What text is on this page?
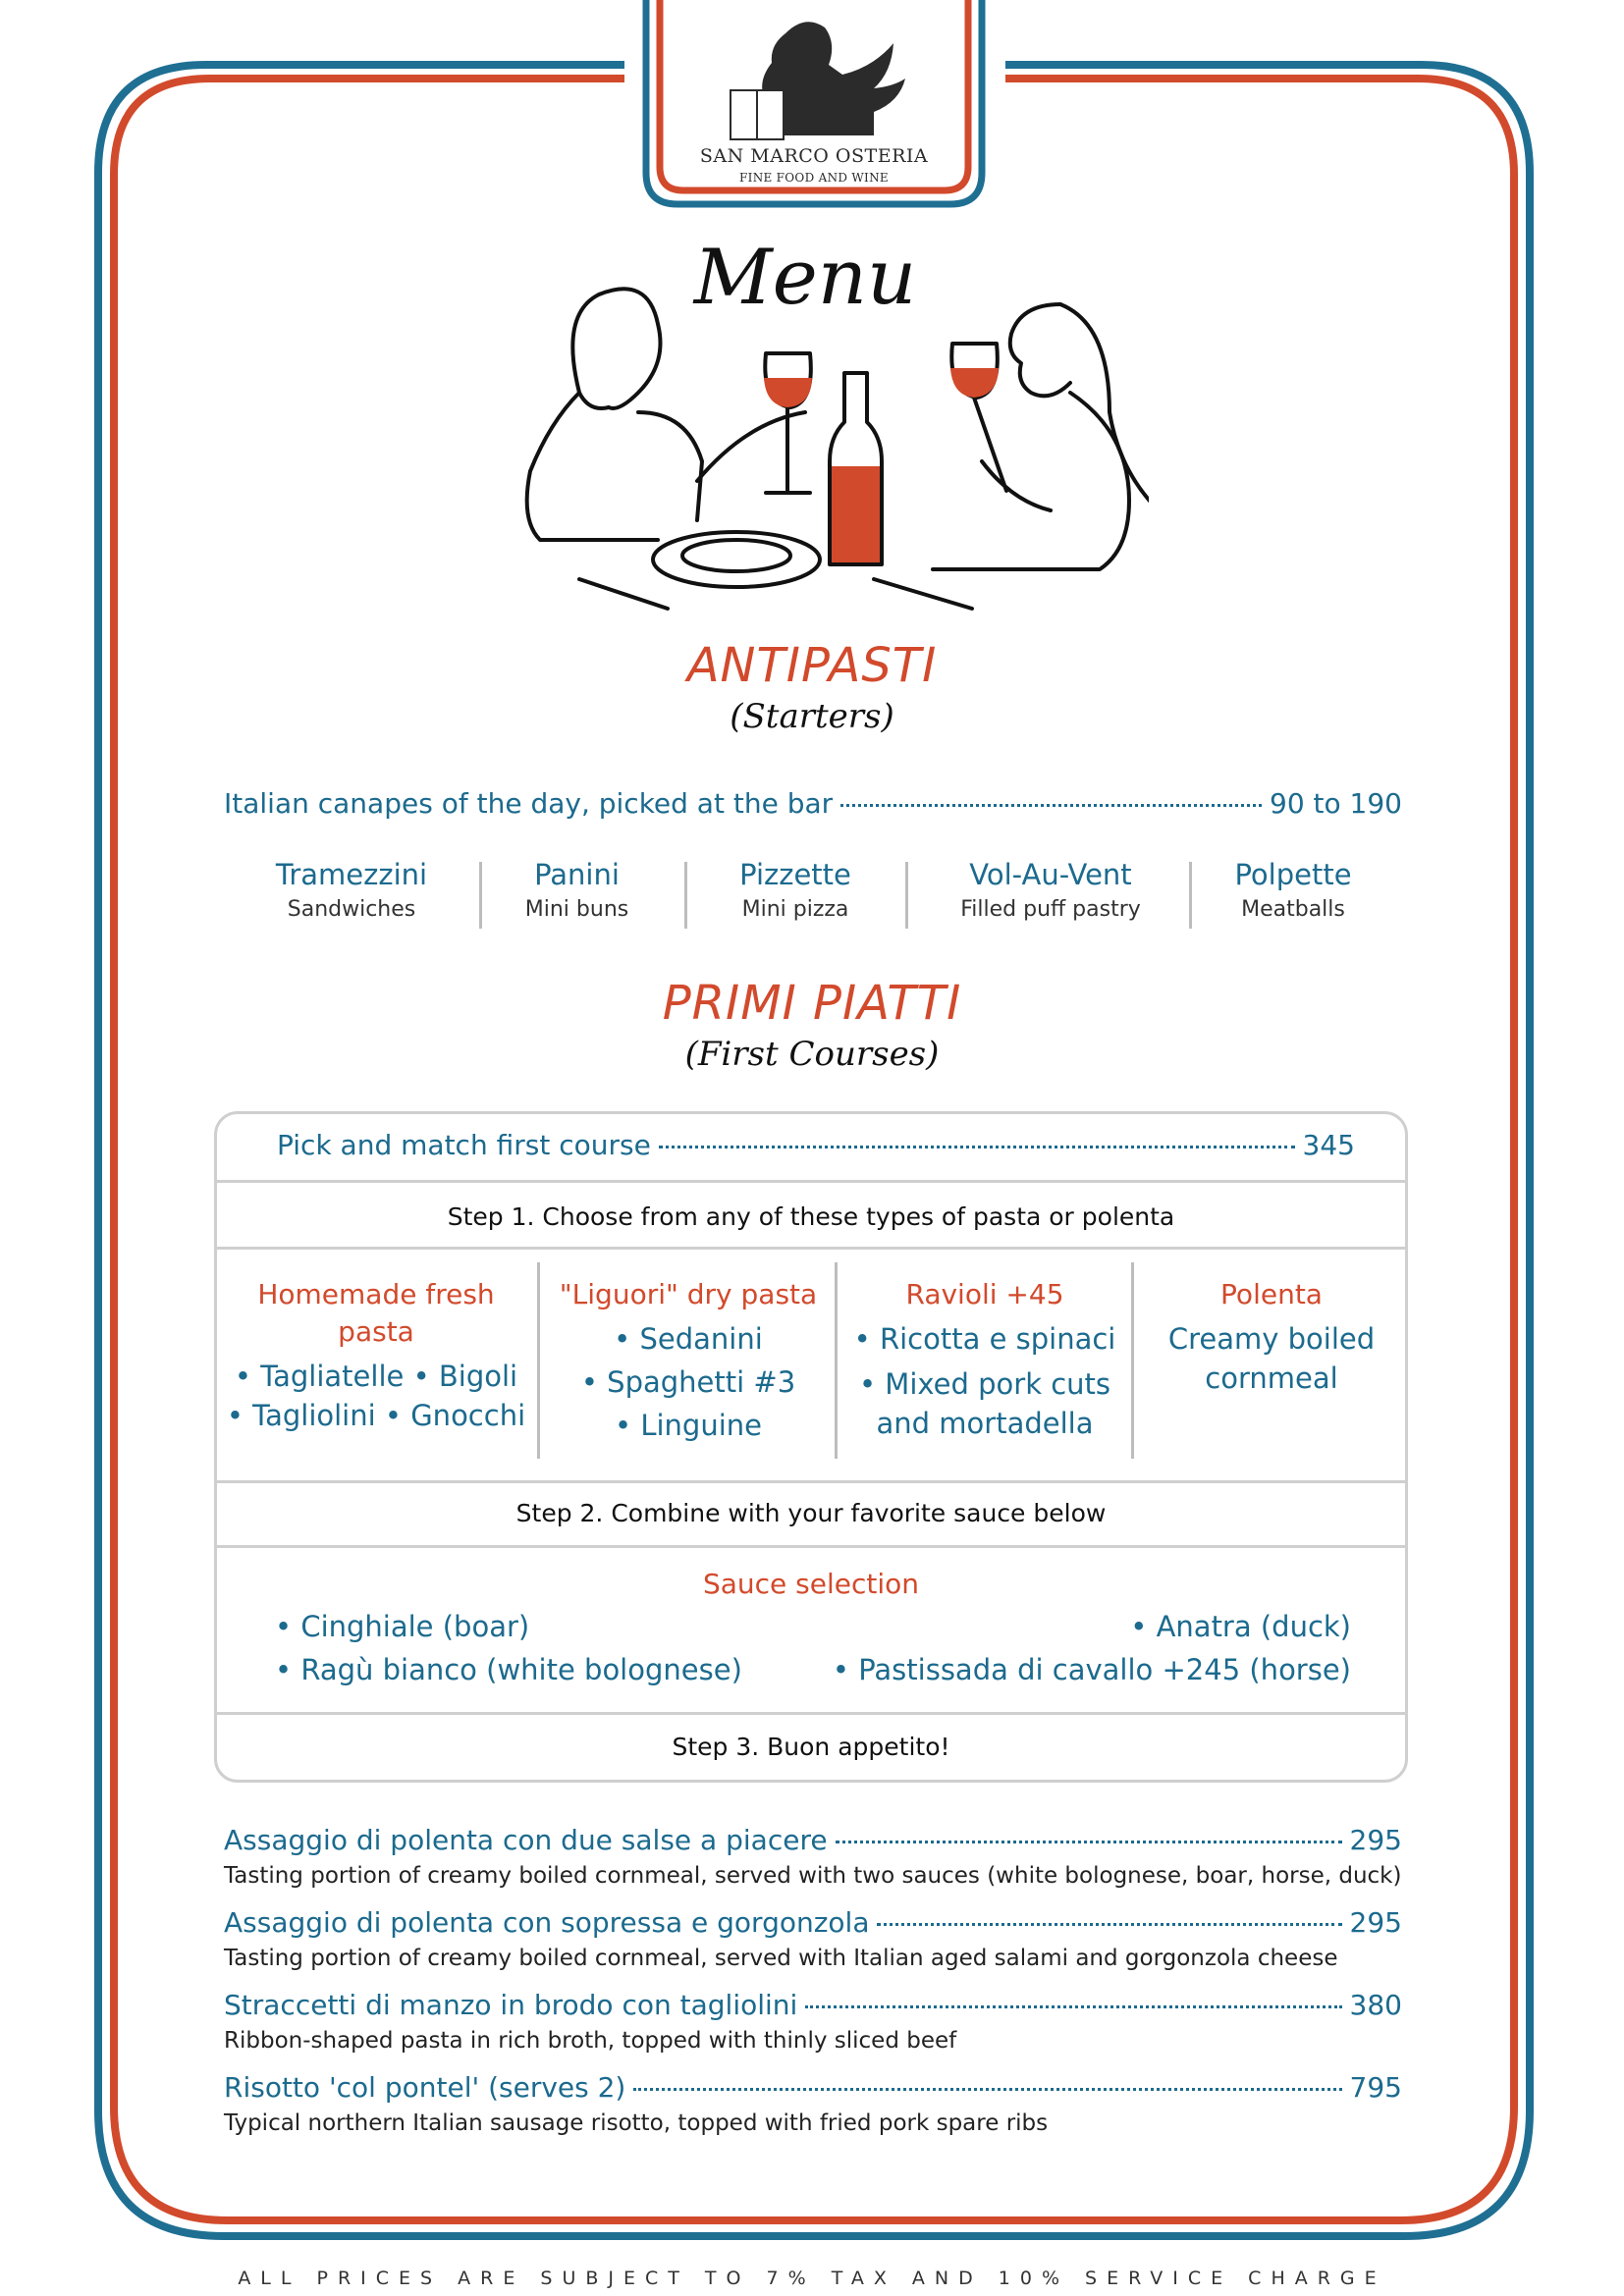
SAN MARCO OSTERIA
FINE FOOD AND WINE
Menu
ANTIPASTI
(Starters)
Italian canapes of the day, picked at the bar	90 to 190
Tramezzini
Sandwiches
Panini
Mini buns
Pizzette
Mini pizza
Vol-Au-Vent
Filled puff pastry
Polpette
Meatballs
PRIMI PIATTI
(First Courses)
Pick and match first course	345
Step 1. Choose from any of these types of pasta or polenta
Homemade fresh pasta
• Tagliatelle • Bigoli
• Tagliolini • Gnocchi
"Liguori" dry pasta
• Sedanini
• Spaghetti #3
• Linguine
Ravioli +45
• Ricotta e spinaci
• Mixed pork cuts
and mortadella
Polenta
Creamy boiled
cornmeal
Step 2. Combine with your favorite sauce below
Sauce selection
• Cinghiale (boar)
• Ragù bianco (white bolognese)
• Anatra (duck)
• Pastissada di cavallo +245 (horse)
Step 3. Buon appetito!
Assaggio di polenta con due salse a piacere	295
Tasting portion of creamy boiled cornmeal, served with two sauces (white bolognese, boar, horse, duck)
Assaggio di polenta con sopressa e gorgonzola	295
Tasting portion of creamy boiled cornmeal, served with Italian aged salami and gorgonzola cheese
Straccetti di manzo in brodo con tagliolini	380
Ribbon-shaped pasta in rich broth, topped with thinly sliced beef
Risotto 'col pontel' (serves 2)	795
Typical northern Italian sausage risotto, topped with fried pork spare ribs
ALL PRICES ARE SUBJECT TO 7% TAX AND 10% SERVICE CHARGE
